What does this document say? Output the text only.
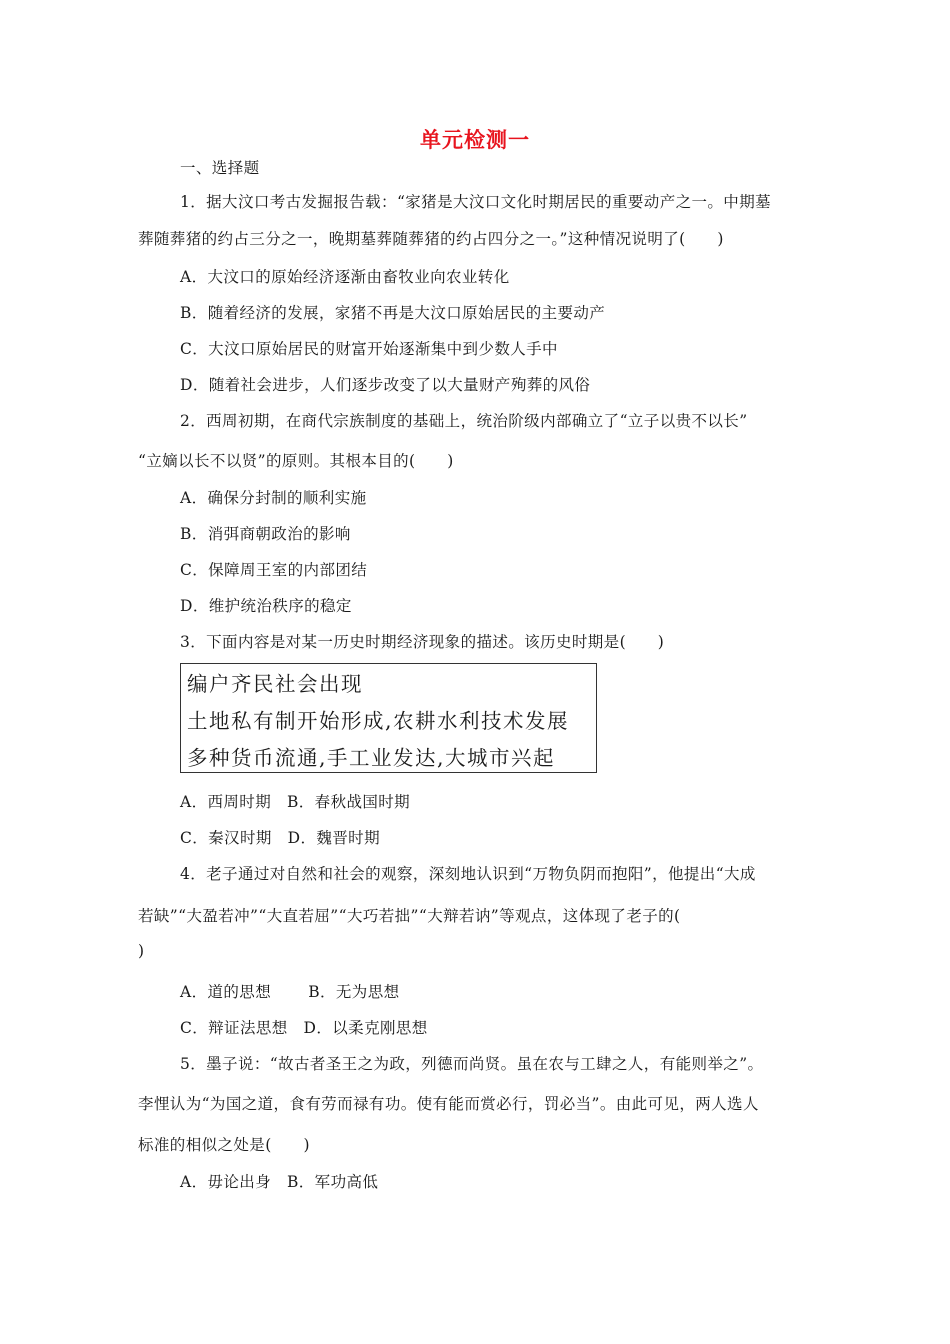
单元检测一
一、选择题
1．据大汶口考古发掘报告载：“家猪是大汶口文化时期居民的重要动产之一。中期墓
葬随葬猪的约占三分之一，晚期墓葬随葬猪的约占四分之一。”这种情况说明了(　　)
A．大汶口的原始经济逐渐由畜牧业向农业转化
B．随着经济的发展，家猪不再是大汶口原始居民的主要动产
C．大汶口原始居民的财富开始逐渐集中到少数人手中
D．随着社会进步，人们逐步改变了以大量财产殉葬的风俗
2．西周初期，在商代宗族制度的基础上，统治阶级内部确立了“立子以贵不以长”
“立嫡以长不以贤”的原则。其根本目的(　　)
A．确保分封制的顺利实施
B．消弭商朝政治的影响
C．保障周王室的内部团结
D．维护统治秩序的稳定
3．下面内容是对某一历史时期经济现象的描述。该历史时期是(　　)
编户齐民社会出现
土地私有制开始形成,农耕水利技术发展
多种货币流通,手工业发达,大城市兴起
A．西周时期　B．春秋战国时期
C．秦汉时期　D．魏晋时期
4．老子通过对自然和社会的观察，深刻地认识到“万物负阴而抱阳”，他提出“大成
若缺”“大盈若冲”“大直若屈”“大巧若拙”“大辩若讷”等观点，这体现了老子的(
)
A．道的思想　　 B．无为思想
C．辩证法思想　D．以柔克刚思想
5．墨子说：“故古者圣王之为政，列德而尚贤。虽在农与工肆之人，有能则举之”。
李悝认为“为国之道，食有劳而禄有功。使有能而赏必行，罚必当”。由此可见，两人选人
标准的相似之处是(　　)
A．毋论出身　B．军功高低
